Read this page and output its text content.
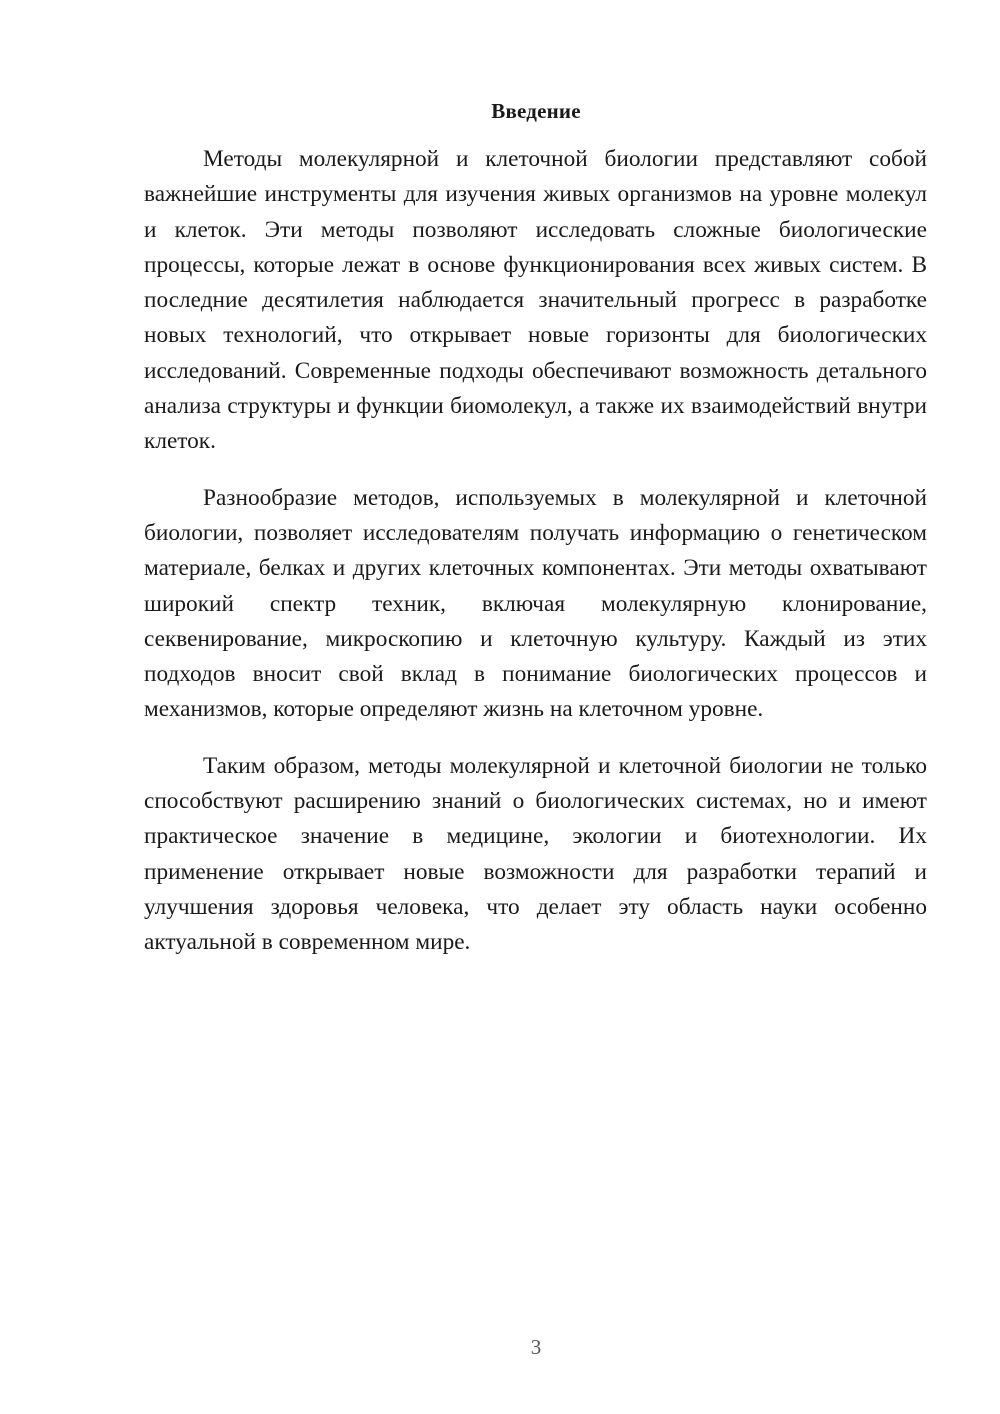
Введение

Методы молекулярной и клеточной биологии представляют собой важнейшие инструменты для изучения живых организмов на уровне молекул и клеток. Эти методы позволяют исследовать сложные биологические процессы, которые лежат в основе функционирования всех живых систем. В последние десятилетия наблюдается значительный прогресс в разработке новых технологий, что открывает новые горизонты для биологических исследований. Современные подходы обеспечивают возможность детального анализа структуры и функции биомолекул, а также их взаимодействий внутри клеток.

Разнообразие методов, используемых в молекулярной и клеточной биологии, позволяет исследователям получать информацию о генетическом материале, белках и других клеточных компонентах. Эти методы охватывают широкий спектр техник, включая молекулярную клонирование, секвенирование, микроскопию и клеточную культуру. Каждый из этих подходов вносит свой вклад в понимание биологических процессов и механизмов, которые определяют жизнь на клеточном уровне.

Таким образом, методы молекулярной и клеточной биологии не только способствуют расширению знаний о биологических системах, но и имеют практическое значение в медицине, экологии и биотехнологии. Их применение открывает новые возможности для разработки терапий и улучшения здоровья человека, что делает эту область науки особенно актуальной в современном мире.

3
